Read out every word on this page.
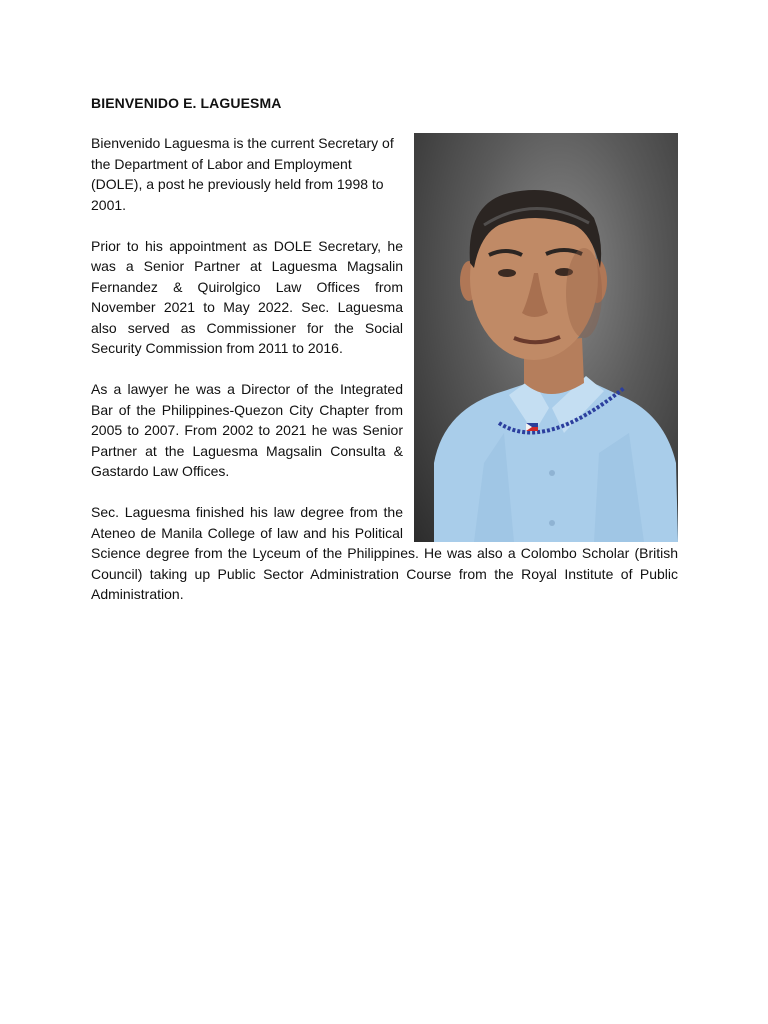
BIENVENIDO E. LAGUESMA

Bienvenido Laguesma is the current Secretary of the Department of Labor and Employment (DOLE), a post he previously held from 1998 to 2001.

Prior to his appointment as DOLE Secretary, he was a Senior Partner at Laguesma Magsalin Fernandez & Quirolgico Law Offices from November 2021 to May 2022. Sec. Laguesma also served as Commissioner for the Social Security Commission from 2011 to 2016.

As a lawyer he was a Director of the Integrated Bar of the Philippines-Quezon City Chapter from 2005 to 2007. From 2002 to 2021 he was Senior Partner at the Laguesma Magsalin Consulta & Gastardo Law Offices.

Sec. Laguesma finished his law degree from the Ateneo de Manila College of law and his Political Science degree from the Lyceum of the Philippines. He was also a Colombo Scholar (British Council) taking up Public Sector Administration Course from the Royal Institute of Public Administration.
